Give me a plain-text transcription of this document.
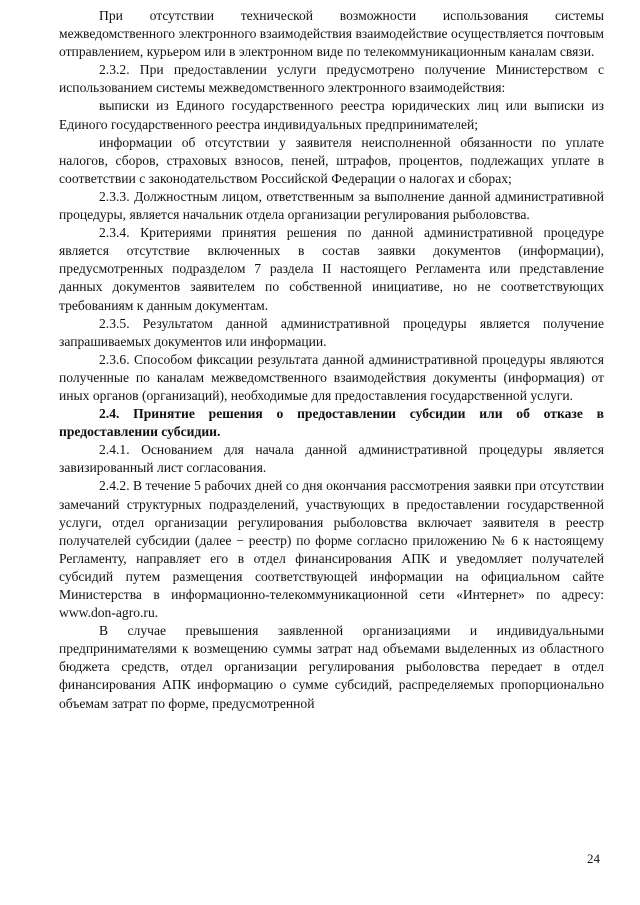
При отсутствии технической возможности использования системы межведомственного электронного взаимодействия взаимодействие осуществляется почтовым отправлением, курьером или в электронном виде по телекоммуникационным каналам связи.

2.3.2. При предоставлении услуги предусмотрено получение Министерством с использованием системы межведомственного электронного взаимодействия:

выписки из Единого государственного реестра юридических лиц или выписки из Единого государственного реестра индивидуальных предпринимателей;

информации об отсутствии у заявителя неисполненной обязанности по уплате налогов, сборов, страховых взносов, пеней, штрафов, процентов, подлежащих уплате в соответствии с законодательством Российской Федерации о налогах и сборах;

2.3.3. Должностным лицом, ответственным за выполнение данной административной процедуры, является начальник отдела организации регулирования рыболовства.

2.3.4. Критериями принятия решения по данной административной процедуре является отсутствие включенных в состав заявки документов (информации), предусмотренных подразделом 7 раздела II настоящего Регламента или представление данных документов заявителем по собственной инициативе, но не соответствующих требованиям к данным документам.

2.3.5. Результатом данной административной процедуры является получение запрашиваемых документов или информации.

2.3.6. Способом фиксации результата данной административной процедуры являются полученные по каналам межведомственного взаимодействия документы (информация) от иных органов (организаций), необходимые для предоставления государственной услуги.

2.4. Принятие решения о предоставлении субсидии или об отказе в предоставлении субсидии.

2.4.1. Основанием для начала данной административной процедуры является завизированный лист согласования.

2.4.2. В течение 5 рабочих дней со дня окончания рассмотрения заявки при отсутствии замечаний структурных подразделений, участвующих в предоставлении государственной услуги, отдел организации регулирования рыболовства включает заявителя в реестр получателей субсидии (далее − реестр) по форме согласно приложению № 6 к настоящему Регламенту, направляет его в отдел финансирования АПК и уведомляет получателей субсидий путем размещения соответствующей информации на официальном сайте Министерства в информационно-телекоммуникационной сети «Интернет» по адресу: www.don-agro.ru.

В случае превышения заявленной организациями и индивидуальными предпринимателями к возмещению суммы затрат над объемами выделенных из областного бюджета средств, отдел организации регулирования рыболовства передает в отдел финансирования АПК информацию о сумме субсидий, распределяемых пропорционально объемам затрат по форме, предусмотренной

24
